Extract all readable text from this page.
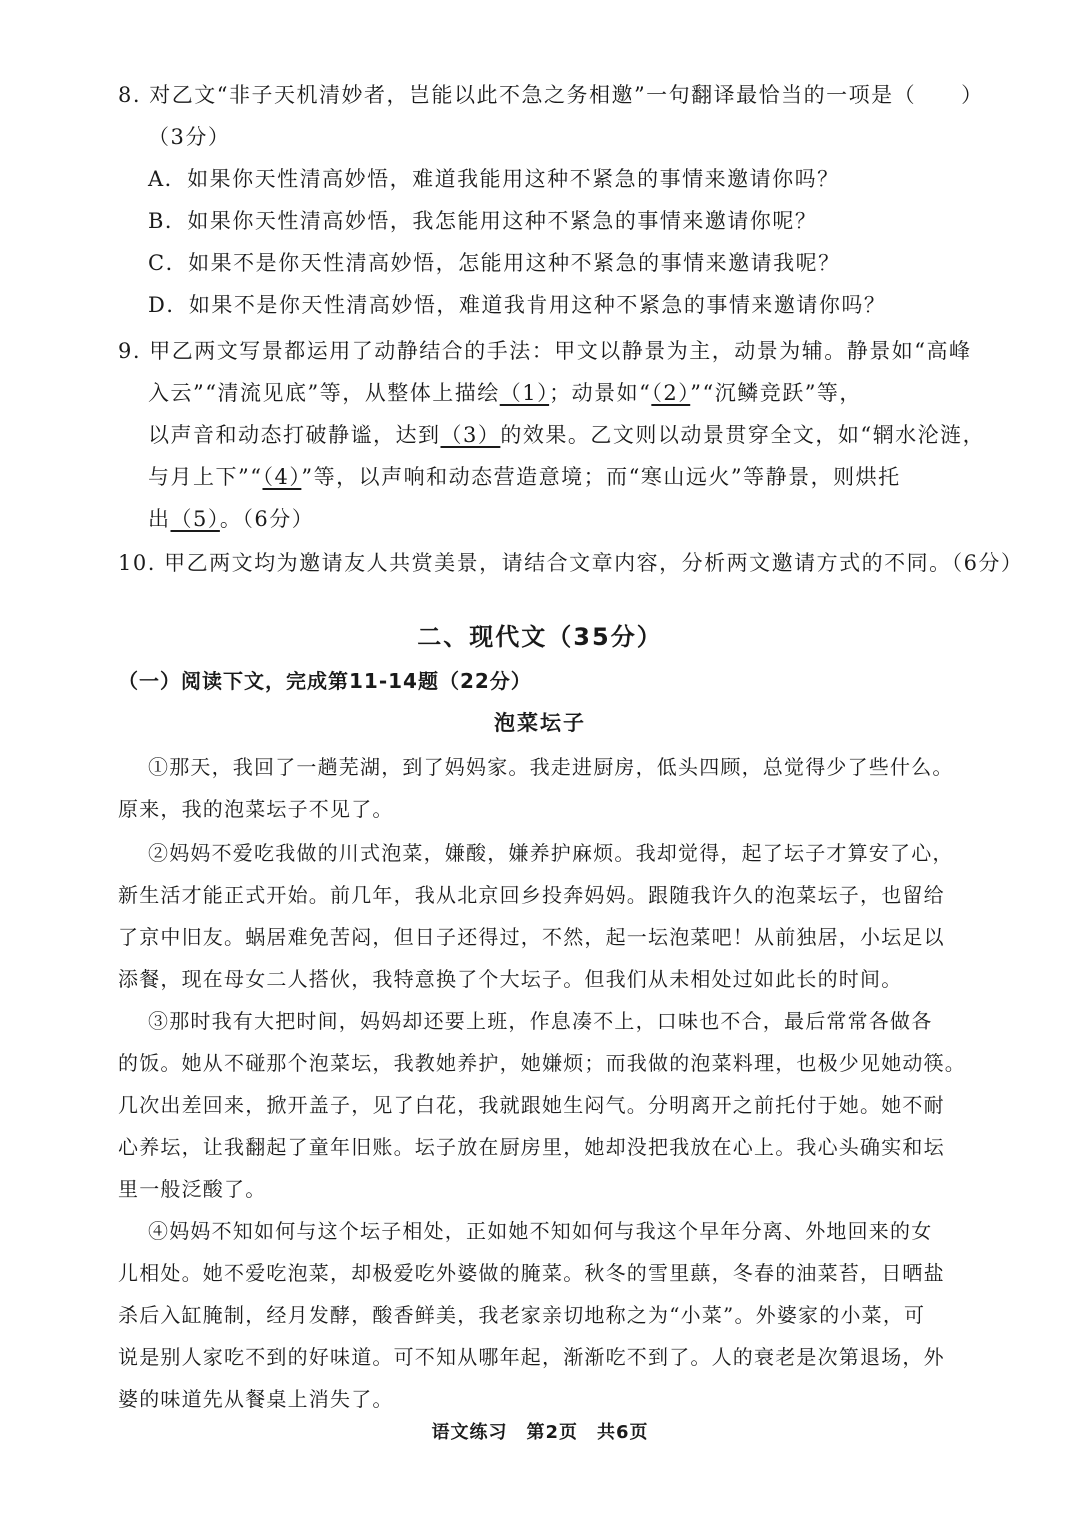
8. 对乙文“非子天机清妙者，岂能以此不急之务相邀”一句翻译最恰当的一项是（　　）
（3分）
A．如果你天性清高妙悟，难道我能用这种不紧急的事情来邀请你吗？
B．如果你天性清高妙悟，我怎能用这种不紧急的事情来邀请你呢？
C．如果不是你天性清高妙悟，怎能用这种不紧急的事情来邀请我呢？
D．如果不是你天性清高妙悟，难道我肯用这种不紧急的事情来邀请你吗？
9. 甲乙两文写景都运用了动静结合的手法：甲文以静景为主，动景为辅。静景如“高峰
入云”“清流见底”等，从整体上描绘（1）；动景如“（2）”“沉鳞竞跃”等，
以声音和动态打破静谧，达到（3）的效果。乙文则以动景贯穿全文，如“辋水沦涟，
与月上下”“（4）”等，以声响和动态营造意境；而“寒山远火”等静景，则烘托
出（5）。（6分）
10. 甲乙两文均为邀请友人共赏美景，请结合文章内容，分析两文邀请方式的不同。（6分）
二、现代文（35分）
（一）阅读下文，完成第11-14题（22分）
泡菜坛子
①那天，我回了一趟芜湖，到了妈妈家。我走进厨房，低头四顾，总觉得少了些什么。
原来，我的泡菜坛子不见了。
②妈妈不爱吃我做的川式泡菜，嫌酸，嫌养护麻烦。我却觉得，起了坛子才算安了心，
新生活才能正式开始。前几年，我从北京回乡投奔妈妈。跟随我许久的泡菜坛子，也留给
了京中旧友。蜗居难免苦闷，但日子还得过，不然，起一坛泡菜吧！从前独居，小坛足以
添餐，现在母女二人搭伙，我特意换了个大坛子。但我们从未相处过如此长的时间。
③那时我有大把时间，妈妈却还要上班，作息凑不上，口味也不合，最后常常各做各
的饭。她从不碰那个泡菜坛，我教她养护，她嫌烦；而我做的泡菜料理，也极少见她动筷。
几次出差回来，掀开盖子，见了白花，我就跟她生闷气。分明离开之前托付于她。她不耐
心养坛，让我翻起了童年旧账。坛子放在厨房里，她却没把我放在心上。我心头确实和坛
里一般泛酸了。
④妈妈不知如何与这个坛子相处，正如她不知如何与我这个早年分离、外地回来的女
儿相处。她不爱吃泡菜，却极爱吃外婆做的腌菜。秋冬的雪里蕻，冬春的油菜苔，日晒盐
杀后入缸腌制，经月发酵，酸香鲜美，我老家亲切地称之为“小菜”。外婆家的小菜，可
说是别人家吃不到的好味道。可不知从哪年起，渐渐吃不到了。人的衰老是次第退场，外
婆的味道先从餐桌上消失了。
语文练习　第2页　共6页
